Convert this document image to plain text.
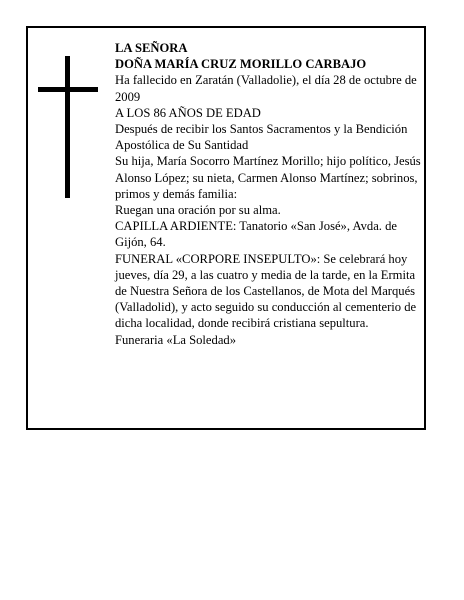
LA SEÑORA

DOÑA MARÍA CRUZ MORILLO CARBAJO

Ha fallecido en Zaratán (Valladolie), el día 28 de octubre de 2009

A LOS 86 AÑOS DE EDAD

Después de recibir los Santos Sacramentos y la Bendición Apostólica de Su Santidad

Su hija, María Socorro Martínez Morillo; hijo político, Jesús Alonso López; su nieta, Carmen Alonso Martínez; sobrinos, primos y demás familia:

Ruegan una oración por su alma.

CAPILLA ARDIENTE: Tanatorio «San José», Avda. de Gijón, 64.

FUNERAL «CORPORE INSEPULTO»: Se celebrará hoy jueves, día 29, a las cuatro y media de la tarde, en la Ermita de Nuestra Señora de los Castellanos, de Mota del Marqués (Valladolid), y acto seguido su conducción al cementerio de dicha localidad, donde recibirá cristiana sepultura.

Funeraria «La Soledad»
